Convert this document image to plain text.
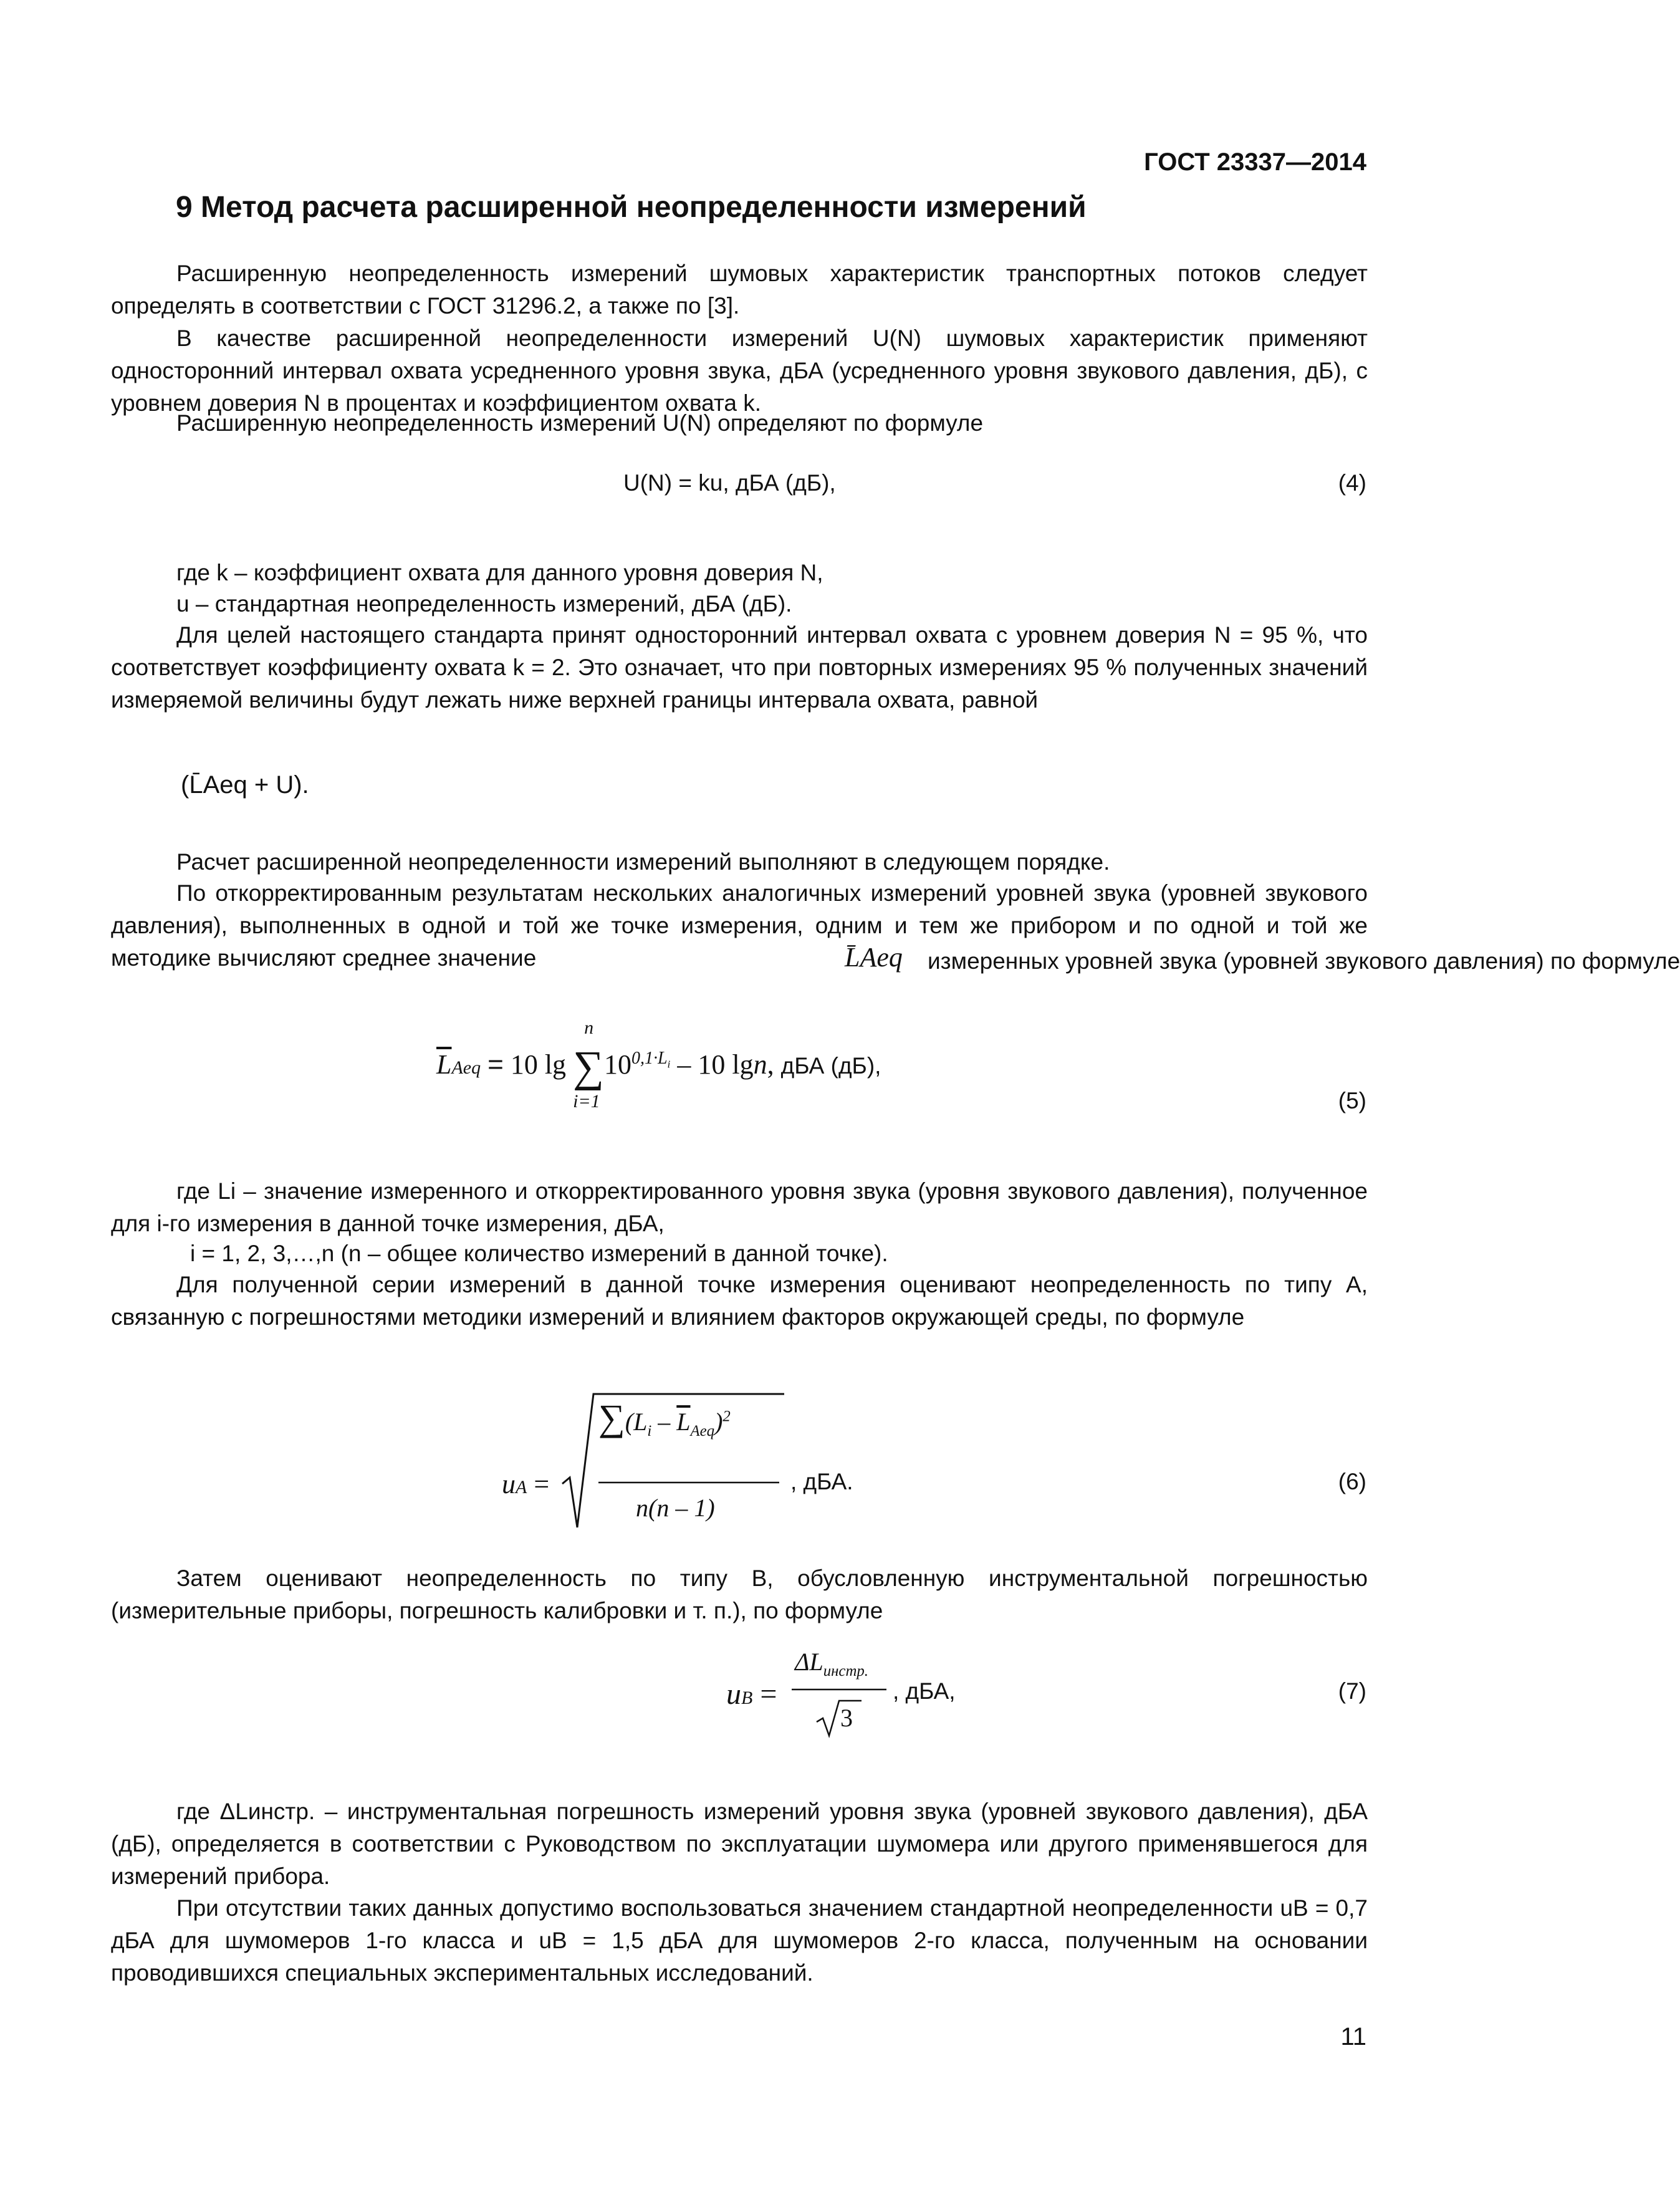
ГОСТ 23337—2014
9 Метод расчета расширенной неопределенности измерений
Расширенную неопределенность измерений шумовых характеристик транспортных потоков следует определять в соответствии с ГОСТ 31296.2, а также по [3].
В качестве расширенной неопределенности измерений U(N) шумовых характеристик применяют односторонний интервал охвата усредненного уровня звука, дБА (усредненного уровня звукового давления, дБ), с уровнем доверия N в процентах и коэффициентом охвата k.
Расширенную неопределенность измерений U(N) определяют по формуле
U(N) = ku, дБА (дБ),	(4)
где k – коэффициент охвата для данного уровня доверия N,
u – стандартная неопределенность измерений, дБА (дБ).
Для целей настоящего стандарта принят односторонний интервал охвата с уровнем доверия N = 95 %, что соответствует коэффициенту охвата k = 2. Это означает, что при повторных измерениях 95 % полученных значений измеряемой величины будут лежать ниже верхней границы интервала охвата, равной
(L̄Aeq + U).
Расчет расширенной неопределенности измерений выполняют в следующем порядке.
По откорректированным результатам нескольких аналогичных измерений уровней звука (уровней звукового давления), выполненных в одной и той же точке измерения, одним и тем же прибором и по одной и той же методике вычисляют среднее значение	L̄Aeq измеренных уровней звука (уровней звукового давления) по формуле
$\overline{L}Aeq = 10$ lg ∑
n
i=1
$10^{0,1\cdot L_i} - 10$ lgn, дБА (дБ),
(5)
где Li – значение измеренного и откорректированного уровня звука (уровня звукового давления), полученное для i-го измерения в данной точке измерения, дБА,
i = 1, 2, 3,…,n (n – общее количество измерений в данной точке).
Для полученной серии измерений в данной точке измерения оценивают неопределенность по типу А, связанную с погрешностями методики измерений и влиянием факторов окружающей среды, по формуле
uA =
$\sum(L_i - \overline{L}_{Aeq})^2$
n(n – 1)
, дБА.	(6)
Затем оценивают неопределенность по типу В, обусловленную инструментальной погрешностью (измерительные приборы, погрешность калибровки и т. п.), по формуле
uB =
$\Delta L_{инстр.}$
3
, дБА,	(7)
где ΔLинстр. – инструментальная погрешность измерений уровня звука (уровней звукового давления), дБА (дБ), определяется в соответствии с Руководством по эксплуатации шумомера или другого применявшегося для измерений прибора.
При отсутствии таких данных допустимо воспользоваться значением стандартной неопределенности uB = 0,7 дБА для шумомеров 1-го класса и uB = 1,5 дБА для шумомеров 2-го класса, полученным на основании проводившихся специальных экспериментальных исследований.
11
